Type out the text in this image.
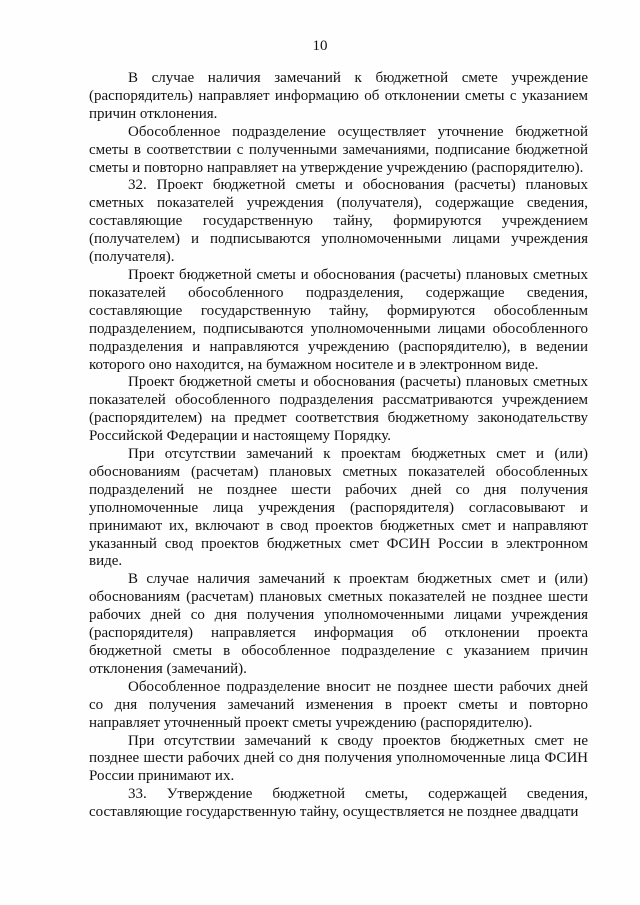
10

В случае наличия замечаний к бюджетной смете учреждение (распорядитель) направляет информацию об отклонении сметы с указанием причин отклонения.

Обособленное подразделение осуществляет уточнение бюджетной сметы в соответствии с полученными замечаниями, подписание бюджетной сметы и повторно направляет на утверждение учреждению (распорядителю).

32. Проект бюджетной сметы и обоснования (расчеты) плановых сметных показателей учреждения (получателя), содержащие сведения, составляющие государственную тайну, формируются учреждением (получателем) и подписываются уполномоченными лицами учреждения (получателя).

Проект бюджетной сметы и обоснования (расчеты) плановых сметных показателей обособленного подразделения, содержащие сведения, составляющие государственную тайну, формируются обособленным подразделением, подписываются уполномоченными лицами обособленного подразделения и направляются учреждению (распорядителю), в ведении которого оно находится, на бумажном носителе и в электронном виде.

Проект бюджетной сметы и обоснования (расчеты) плановых сметных показателей обособленного подразделения рассматриваются учреждением (распорядителем) на предмет соответствия бюджетному законодательству Российской Федерации и настоящему Порядку.

При отсутствии замечаний к проектам бюджетных смет и (или) обоснованиям (расчетам) плановых сметных показателей обособленных подразделений не позднее шести рабочих дней со дня получения уполномоченные лица учреждения (распорядителя) согласовывают и принимают их, включают в свод проектов бюджетных смет и направляют указанный свод проектов бюджетных смет ФСИН России в электронном виде.

В случае наличия замечаний к проектам бюджетных смет и (или) обоснованиям (расчетам) плановых сметных показателей не позднее шести рабочих дней со дня получения уполномоченными лицами учреждения (распорядителя) направляется информация об отклонении проекта бюджетной сметы в обособленное подразделение с указанием причин отклонения (замечаний).

Обособленное подразделение вносит не позднее шести рабочих дней со дня получения замечаний изменения в проект сметы и повторно направляет уточненный проект сметы учреждению (распорядителю).

При отсутствии замечаний к своду проектов бюджетных смет не позднее шести рабочих дней со дня получения уполномоченные лица ФСИН России принимают их.

33. Утверждение бюджетной сметы, содержащей сведения, составляющие государственную тайну, осуществляется не позднее двадцати
